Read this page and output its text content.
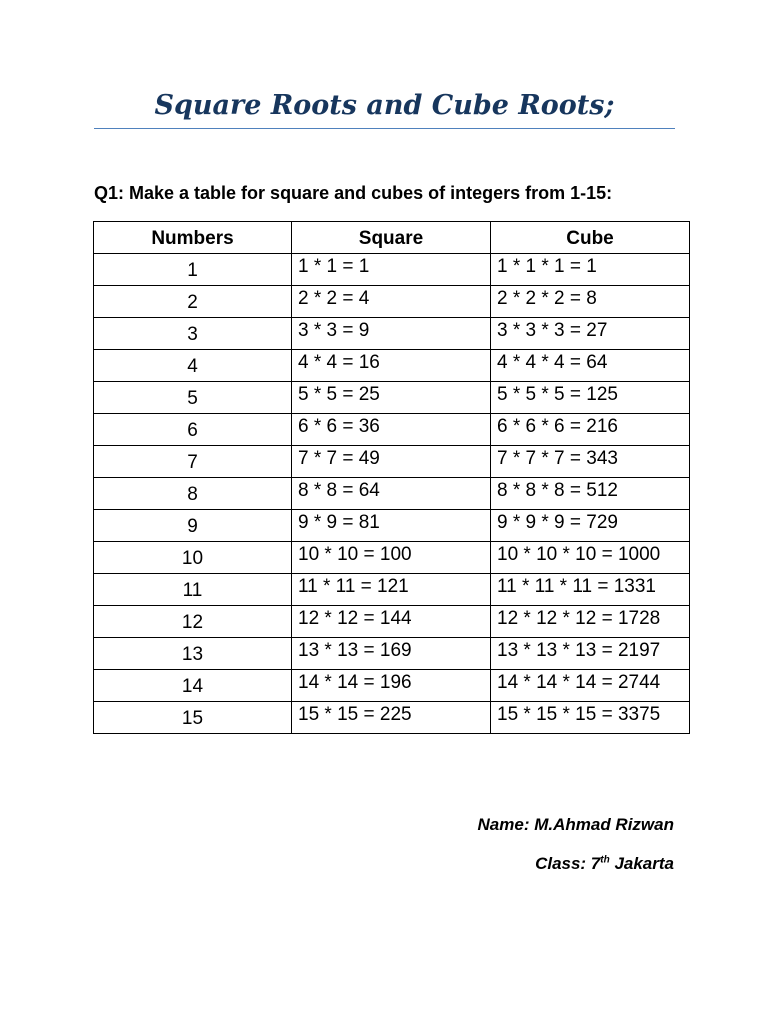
Square Roots and Cube Roots;

Q1: Make a table for square and cubes of integers from 1-15:

Numbers	Square	Cube
1	1 * 1 = 1	1 * 1 * 1 = 1
2	2 * 2 = 4	2 * 2 * 2 = 8
3	3 * 3 = 9	3 * 3 * 3 = 27
4	4 * 4 = 16	4 * 4 * 4 = 64
5	5 * 5 = 25	5 * 5 * 5 = 125
6	6 * 6 = 36	6 * 6 * 6 = 216
7	7 * 7 = 49	7 * 7 * 7 = 343
8	8 * 8 = 64	8 * 8 * 8 = 512
9	9 * 9 = 81	9 * 9 * 9 = 729
10	10 * 10 = 100	10 * 10 * 10 = 1000
11	11 * 11 = 121	11 * 11 * 11 = 1331
12	12 * 12 = 144	12 * 12 * 12 = 1728
13	13 * 13 = 169	13 * 13 * 13 = 2197
14	14 * 14 = 196	14 * 14 * 14 = 2744
15	15 * 15 = 225	15 * 15 * 15 = 3375
Name: M.Ahmad Rizwan
Class: 7th Jakarta
